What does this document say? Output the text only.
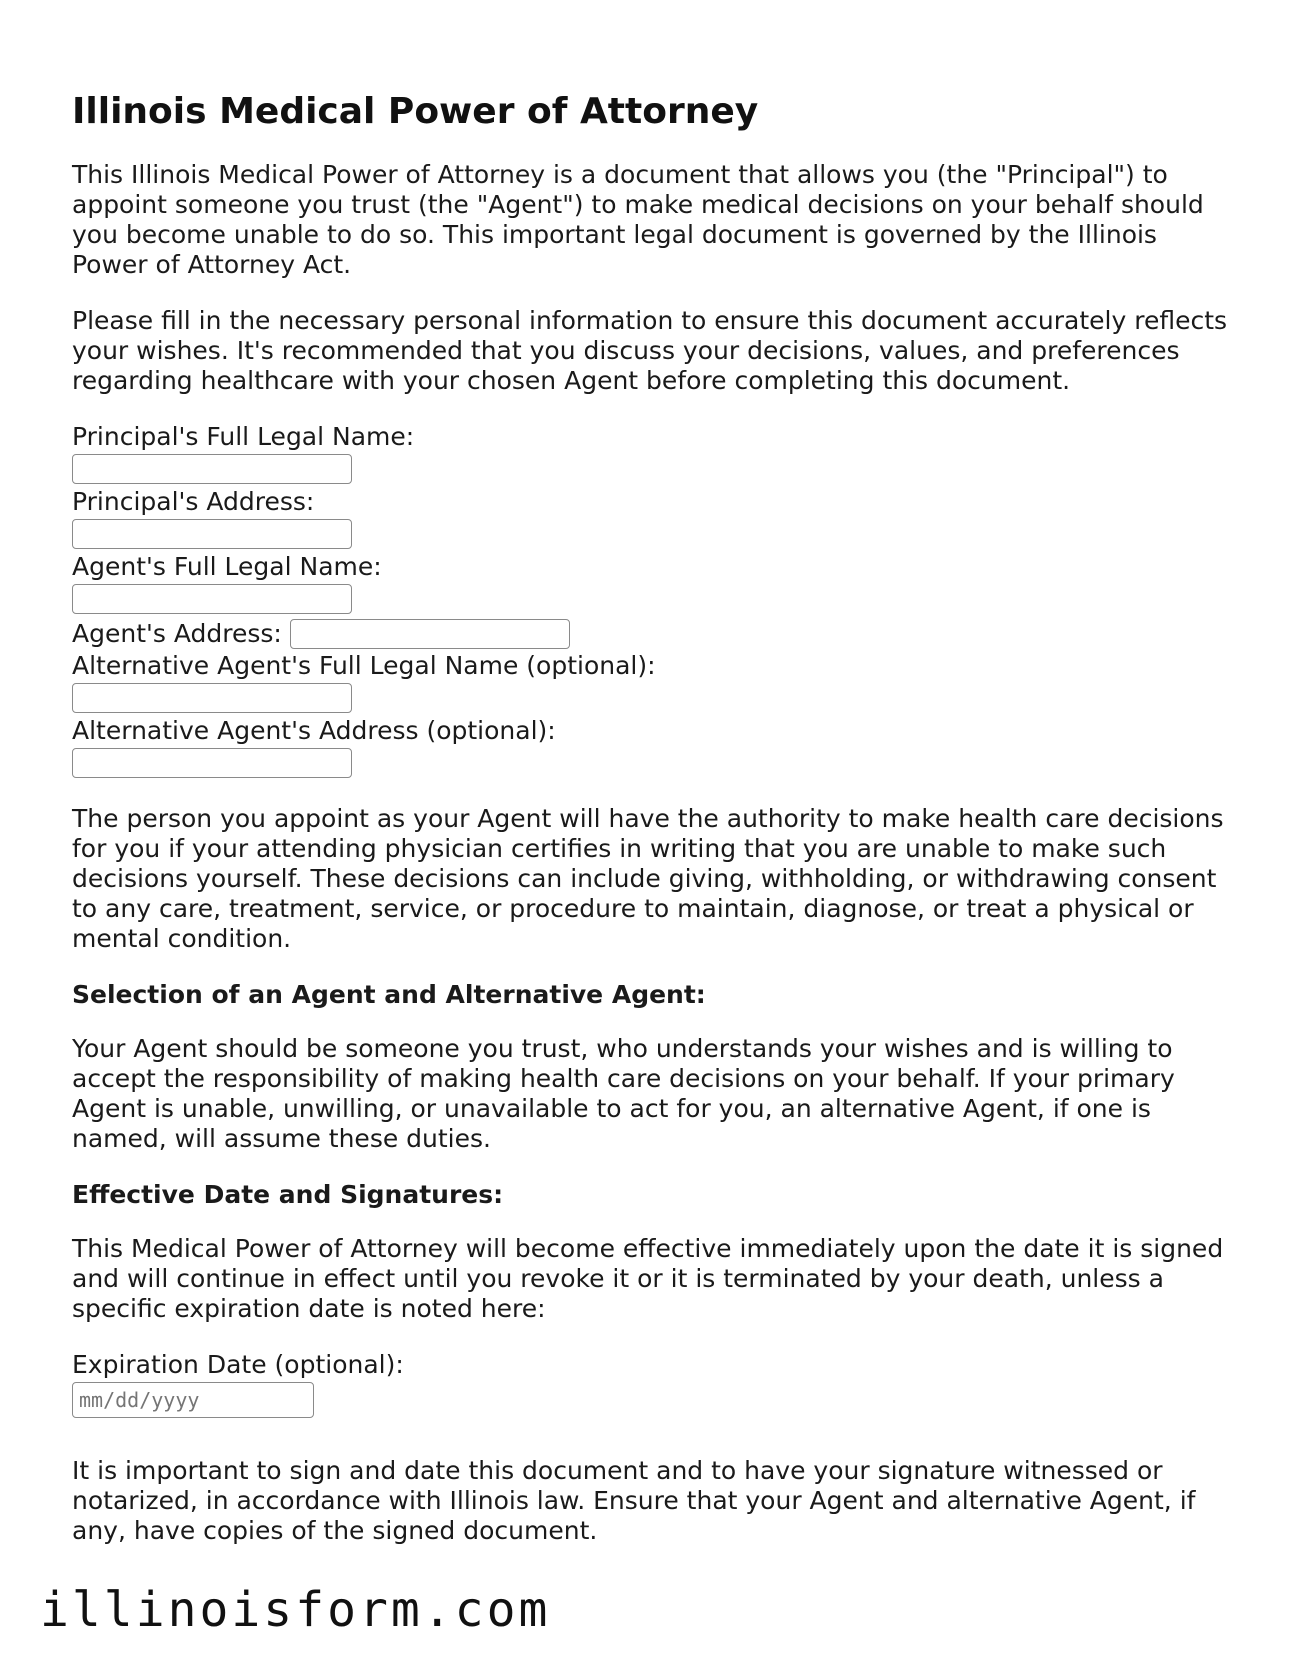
Illinois Medical Power of Attorney

This Illinois Medical Power of Attorney is a document that allows you (the "Principal") to appoint someone you trust (the "Agent") to make medical decisions on your behalf should you become unable to do so. This important legal document is governed by the Illinois Power of Attorney Act.

Please fill in the necessary personal information to ensure this document accurately reflects your wishes. It's recommended that you discuss your decisions, values, and preferences regarding healthcare with your chosen Agent before completing this document.

Principal's Full Legal Name:
Principal's Address:
Agent's Full Legal Name:
Agent's Address:
Alternative Agent's Full Legal Name (optional):
Alternative Agent's Address (optional):

The person you appoint as your Agent will have the authority to make health care decisions for you if your attending physician certifies in writing that you are unable to make such decisions yourself. These decisions can include giving, withholding, or withdrawing consent to any care, treatment, service, or procedure to maintain, diagnose, or treat a physical or mental condition.

Selection of an Agent and Alternative Agent:

Your Agent should be someone you trust, who understands your wishes and is willing to accept the responsibility of making health care decisions on your behalf. If your primary Agent is unable, unwilling, or unavailable to act for you, an alternative Agent, if one is named, will assume these duties.

Effective Date and Signatures:

This Medical Power of Attorney will become effective immediately upon the date it is signed and will continue in effect until you revoke it or it is terminated by your death, unless a specific expiration date is noted here:

Expiration Date (optional):
mm/dd/yyyy

It is important to sign and date this document and to have your signature witnessed or notarized, in accordance with Illinois law. Ensure that your Agent and alternative Agent, if any, have copies of the signed document.

illinoisform.com
